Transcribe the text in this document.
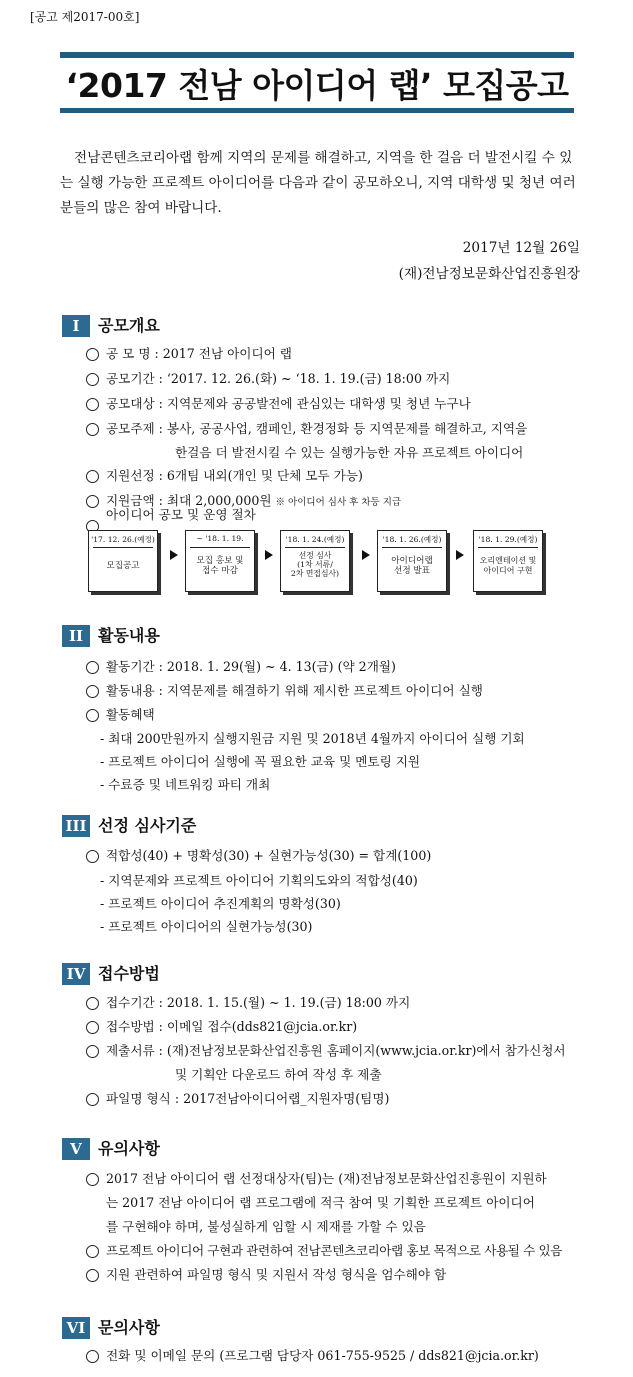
[공고 제2017-00호]
‘2017 전남 아이디어 랩’ 모집공고
전남콘텐츠코리아랩 함께 지역의 문제를 해결하고, 지역을 한 걸음 더 발전시킬 수 있는 실행 가능한 프로젝트 아이디어를 다음과 같이 공모하오니, 지역 대학생 및 청년 여러분들의 많은 참여 바랍니다.
2017년 12월 26일
(재)전남정보문화산업진흥원장
I 공모개요
공 모 명 : 2017 전남 아이디어 랩
공모기간 : ‘2017. 12. 26.(화) ~ ‘18. 1. 19.(금) 18:00 까지
공모대상 : 지역문제와 공공발전에 관심있는 대학생 및 청년 누구나
공모주제 : 봉사, 공공사업, 캠페인, 환경정화 등 지역문제를 해결하고, 지역을
한걸음 더 발전시킬 수 있는 실행가능한 자유 프로젝트 아이디어
지원선정 : 6개팀 내외(개인 및 단체 모두 가능)
지원금액 : 최대 2,000,000원 ※ 아이디어 심사 후 차등 지급
아이디어 공모 및 운영 절차
'17. 12. 26.(예정)
모집공고
~ '18. 1. 19.
모집 홍보 및
접수 마감
'18. 1. 24.(예정)
선정 심사
(1차 서류/
2차 면접심사)
'18. 1. 26.(예정)
아이디어랩
선정 발표
'18. 1. 29.(예정)
오리엔테이션 및
아이디어 구현
II 활동내용
활동기간 : 2018. 1. 29(월) ~ 4. 13(금) (약 2개월)
활동내용 : 지역문제를 해결하기 위해 제시한 프로젝트 아이디어 실행
활동혜택
- 최대 200만원까지 실행지원금 지원 및 2018년 4월까지 아이디어 실행 기회
- 프로젝트 아이디어 실행에 꼭 필요한 교육 및 멘토링 지원
- 수료증 및 네트워킹 파티 개최
III 선정 심사기준
적합성(40) + 명확성(30) + 실현가능성(30) = 합계(100)
- 지역문제와 프로젝트 아이디어 기획의도와의 적합성(40)
- 프로젝트 아이디어 추진계획의 명확성(30)
- 프로젝트 아이디어의 실현가능성(30)
IV 접수방법
접수기간 : 2018. 1. 15.(월) ~ 1. 19.(금) 18:00 까지
접수방법 : 이메일 접수(dds821@jcia.or.kr)
제출서류 : (재)전남정보문화산업진흥원 홈페이지(www.jcia.or.kr)에서 참가신청서
및 기획안 다운로드 하여 작성 후 제출
파일명 형식 : 2017전남아이디어랩_지원자명(팀명)
V 유의사항
2017 전남 아이디어 랩 선정대상자(팀)는 (재)전남정보문화산업진흥원이 지원하
는 2017 전남 아이디어 랩 프로그램에 적극 참여 및 기획한 프로젝트 아이디어
를 구현해야 하며, 불성실하게 임할 시 제재를 가할 수 있음
프로젝트 아이디어 구현과 관련하여 전남콘텐츠코리아랩 홍보 목적으로 사용될 수 있음
지원 관련하여 파일명 형식 및 지원서 작성 형식을 엄수해야 함
VI 문의사항
전화 및 이메일 문의 (프로그램 담당자 061-755-9525 / dds821@jcia.or.kr)
